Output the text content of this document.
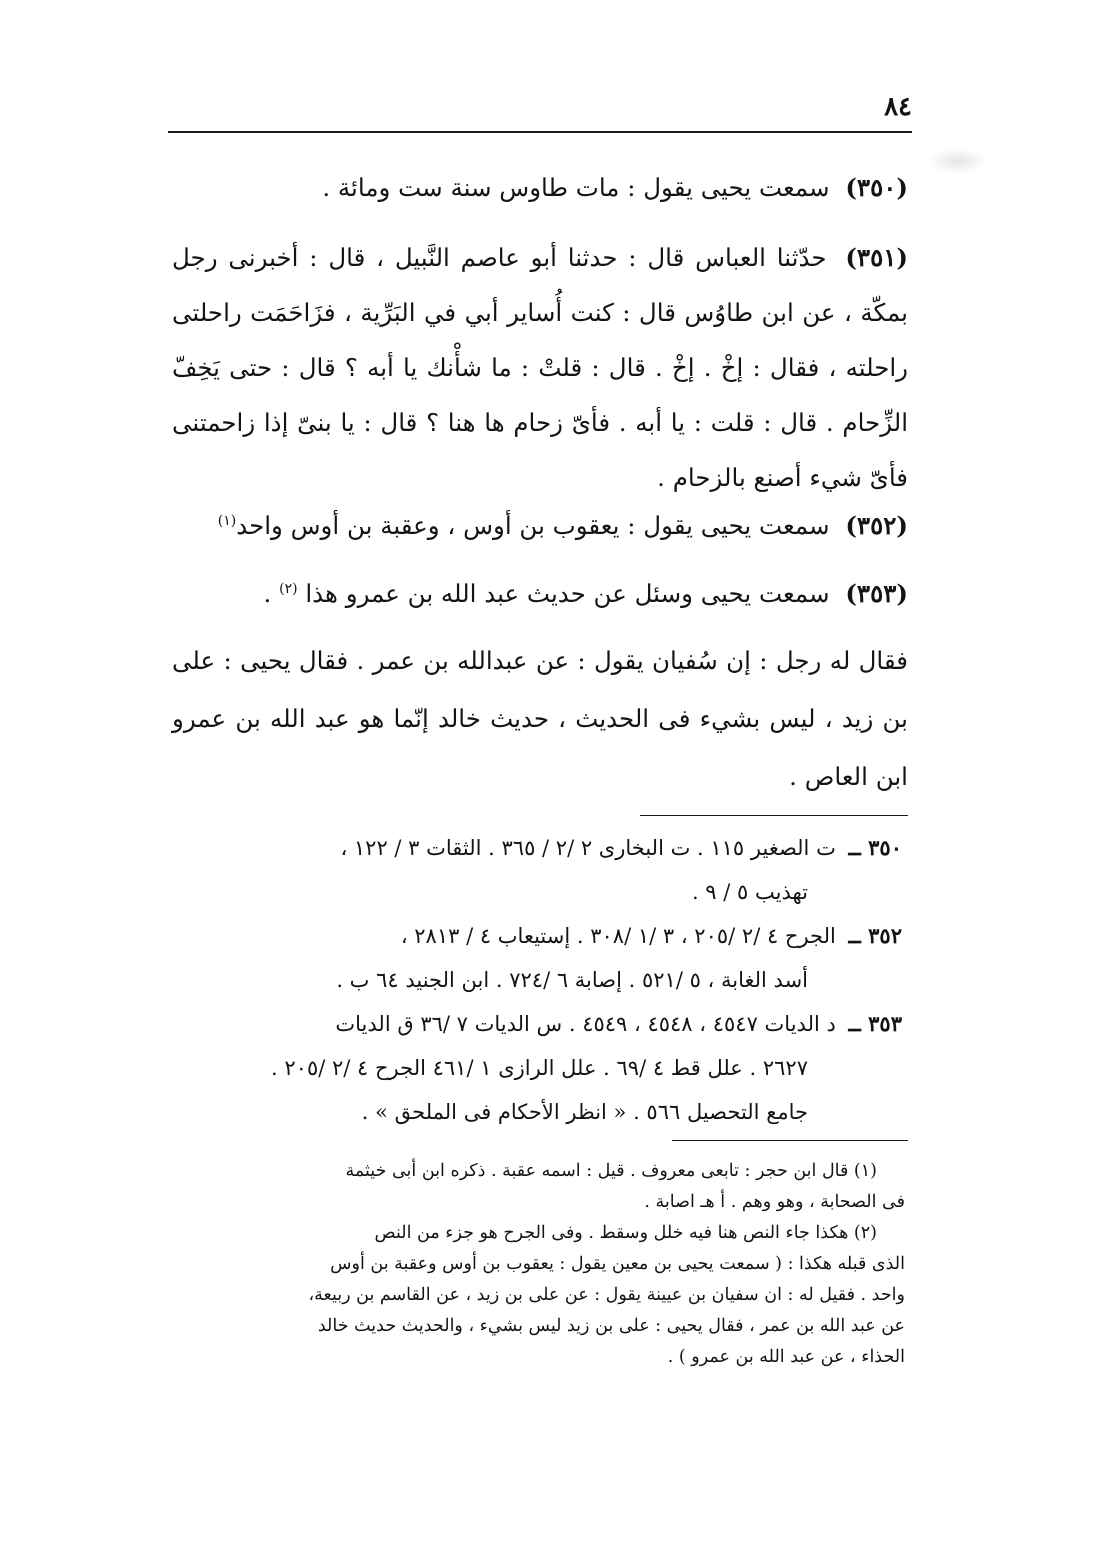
٨٤
(٣٥٠) سمعت يحيى يقول : مات طاوس سنة ست ومائة .
(٣٥١) حدّثنا العباس قال : حدثنا أبو عاصم النَّبيل ، قال : أخبرنى رجل بمكّة ، عن ابن طاوُس قال : كنت أُساير أبي في البَرِّية ، فزَاحَمَت راحلتى راحلته ، فقال : إخْ . إخْ . قال : قلتْ : ما شأْنك يا أبه ؟ قال : حتى يَخِفّ الزِّحام . قال : قلت : يا أبه . فأىّ زحام ها هنا ؟ قال : يا بنىّ إذا زاحمتنى فأىّ شيء أصنع بالزحام .
(٣٥٢) سمعت يحيى يقول : يعقوب بن أوس ، وعقبة بن أوس واحد$^{(١)}$
(٣٥٣) سمعت يحيى وسئل عن حديث عبد الله بن عمرو هذا $^{(٢)}$ .
فقال له رجل : إن سُفيان يقول : عن عبدالله بن عمر . فقال يحيى : على بن زيد ، ليس بشيء فى الحديث ، حديث خالد إنّما هو عبد الله بن عمرو ابن العاص .

٣٥٠ ــ ت الصغير ١١٥ . ت البخارى ٢ /٢ / ٣٦٥ . الثقات ٣ / ١٢٢ ،

تهذيب ٥ / ٩ .

٣٥٢ ــ الجرح ٤ /٢ /٢٠٥ ، ٣ /١ /٣٠٨ . إستيعاب ٤ / ٢٨١٣ ،

أسد الغابة ، ٥ /٥٢١ . إصابة ٦ /٧٢٤ . ابن الجنيد ٦٤ ب .

٣٥٣ ــ د الديات ٤٥٤٧ ، ٤٥٤٨ ، ٤٥٤٩ . س الديات ٧ /٣٦ ق الديات

٢٦٢٧ . علل قط ٤ /٦٩ . علل الرازى ١ /٤٦١ الجرح ٤ /٢ /٢٠٥ .

جامع التحصيل ٥٦٦ . « انظر الأحكام فى الملحق » .

(١) قال ابن حجر : تابعى معروف . قيل : اسمه عقبة . ذكره ابن أبى خيثمة

فى الصحابة ، وهو وهم . أ هـ اصابة .

(٢) هكذا جاء النص هنا فيه خلل وسقط . وفى الجرح هو جزء من النص

الذى قبله هكذا : ( سمعت يحيى بن معين يقول : يعقوب بن أوس وعقبة بن أوس

واحد . فقيل له : ان سفيان بن عيينة يقول : عن على بن زيد ، عن القاسم بن ربيعة،

عن عبد الله بن عمر ، فقال يحيى : على بن زيد ليس بشيء ، والحديث حديث خالد

الحذاء ، عن عبد الله بن عمرو ) .
